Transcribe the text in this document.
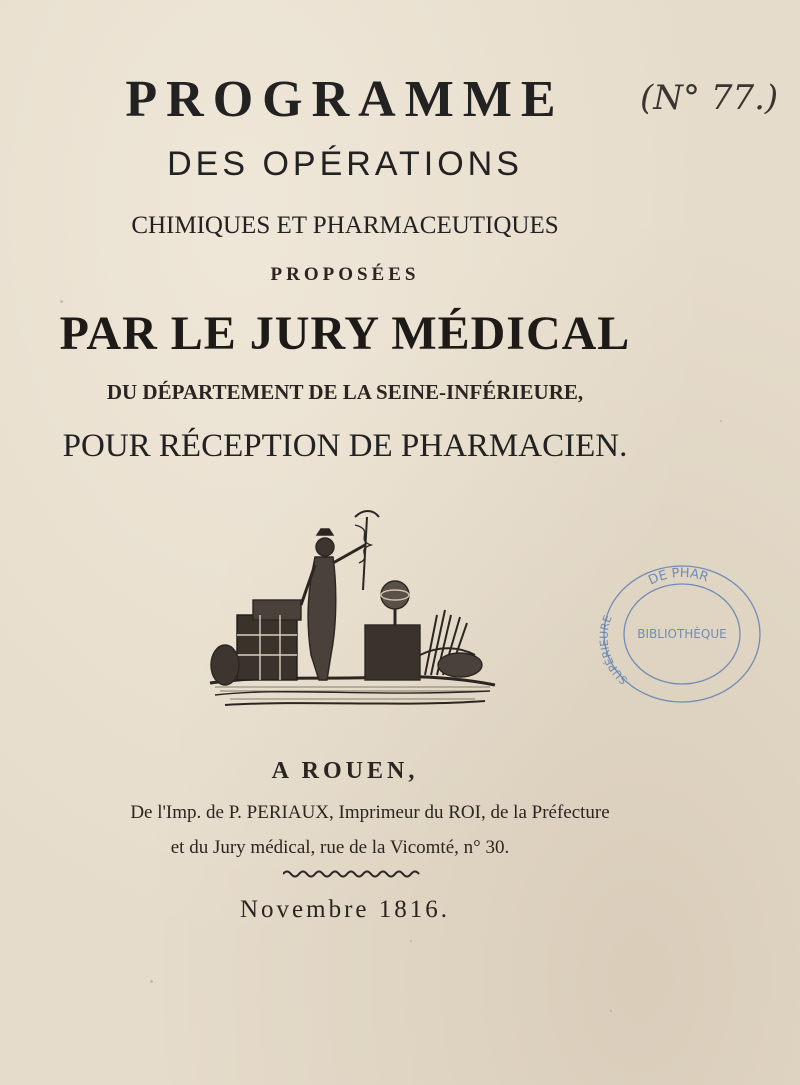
PROGRAMME	(N° 77.)
DES OPÉRATIONS
CHIMIQUES ET PHARMACEUTIQUES
PROPOSÉES
PAR LE JURY MÉDICAL
DU DÉPARTEMENT DE LA SEINE-INFÉRIEURE,
POUR RÉCEPTION DE PHARMACIEN.
DE PHAR
SUPÉRIEURE
BIBLIOTHÈQUE
A ROUEN,
De l'Imp. de P. PERIAUX, Imprimeur du ROI, de la Préfecture
et du Jury médical, rue de la Vicomté, n° 30.
Novembre 1816.
